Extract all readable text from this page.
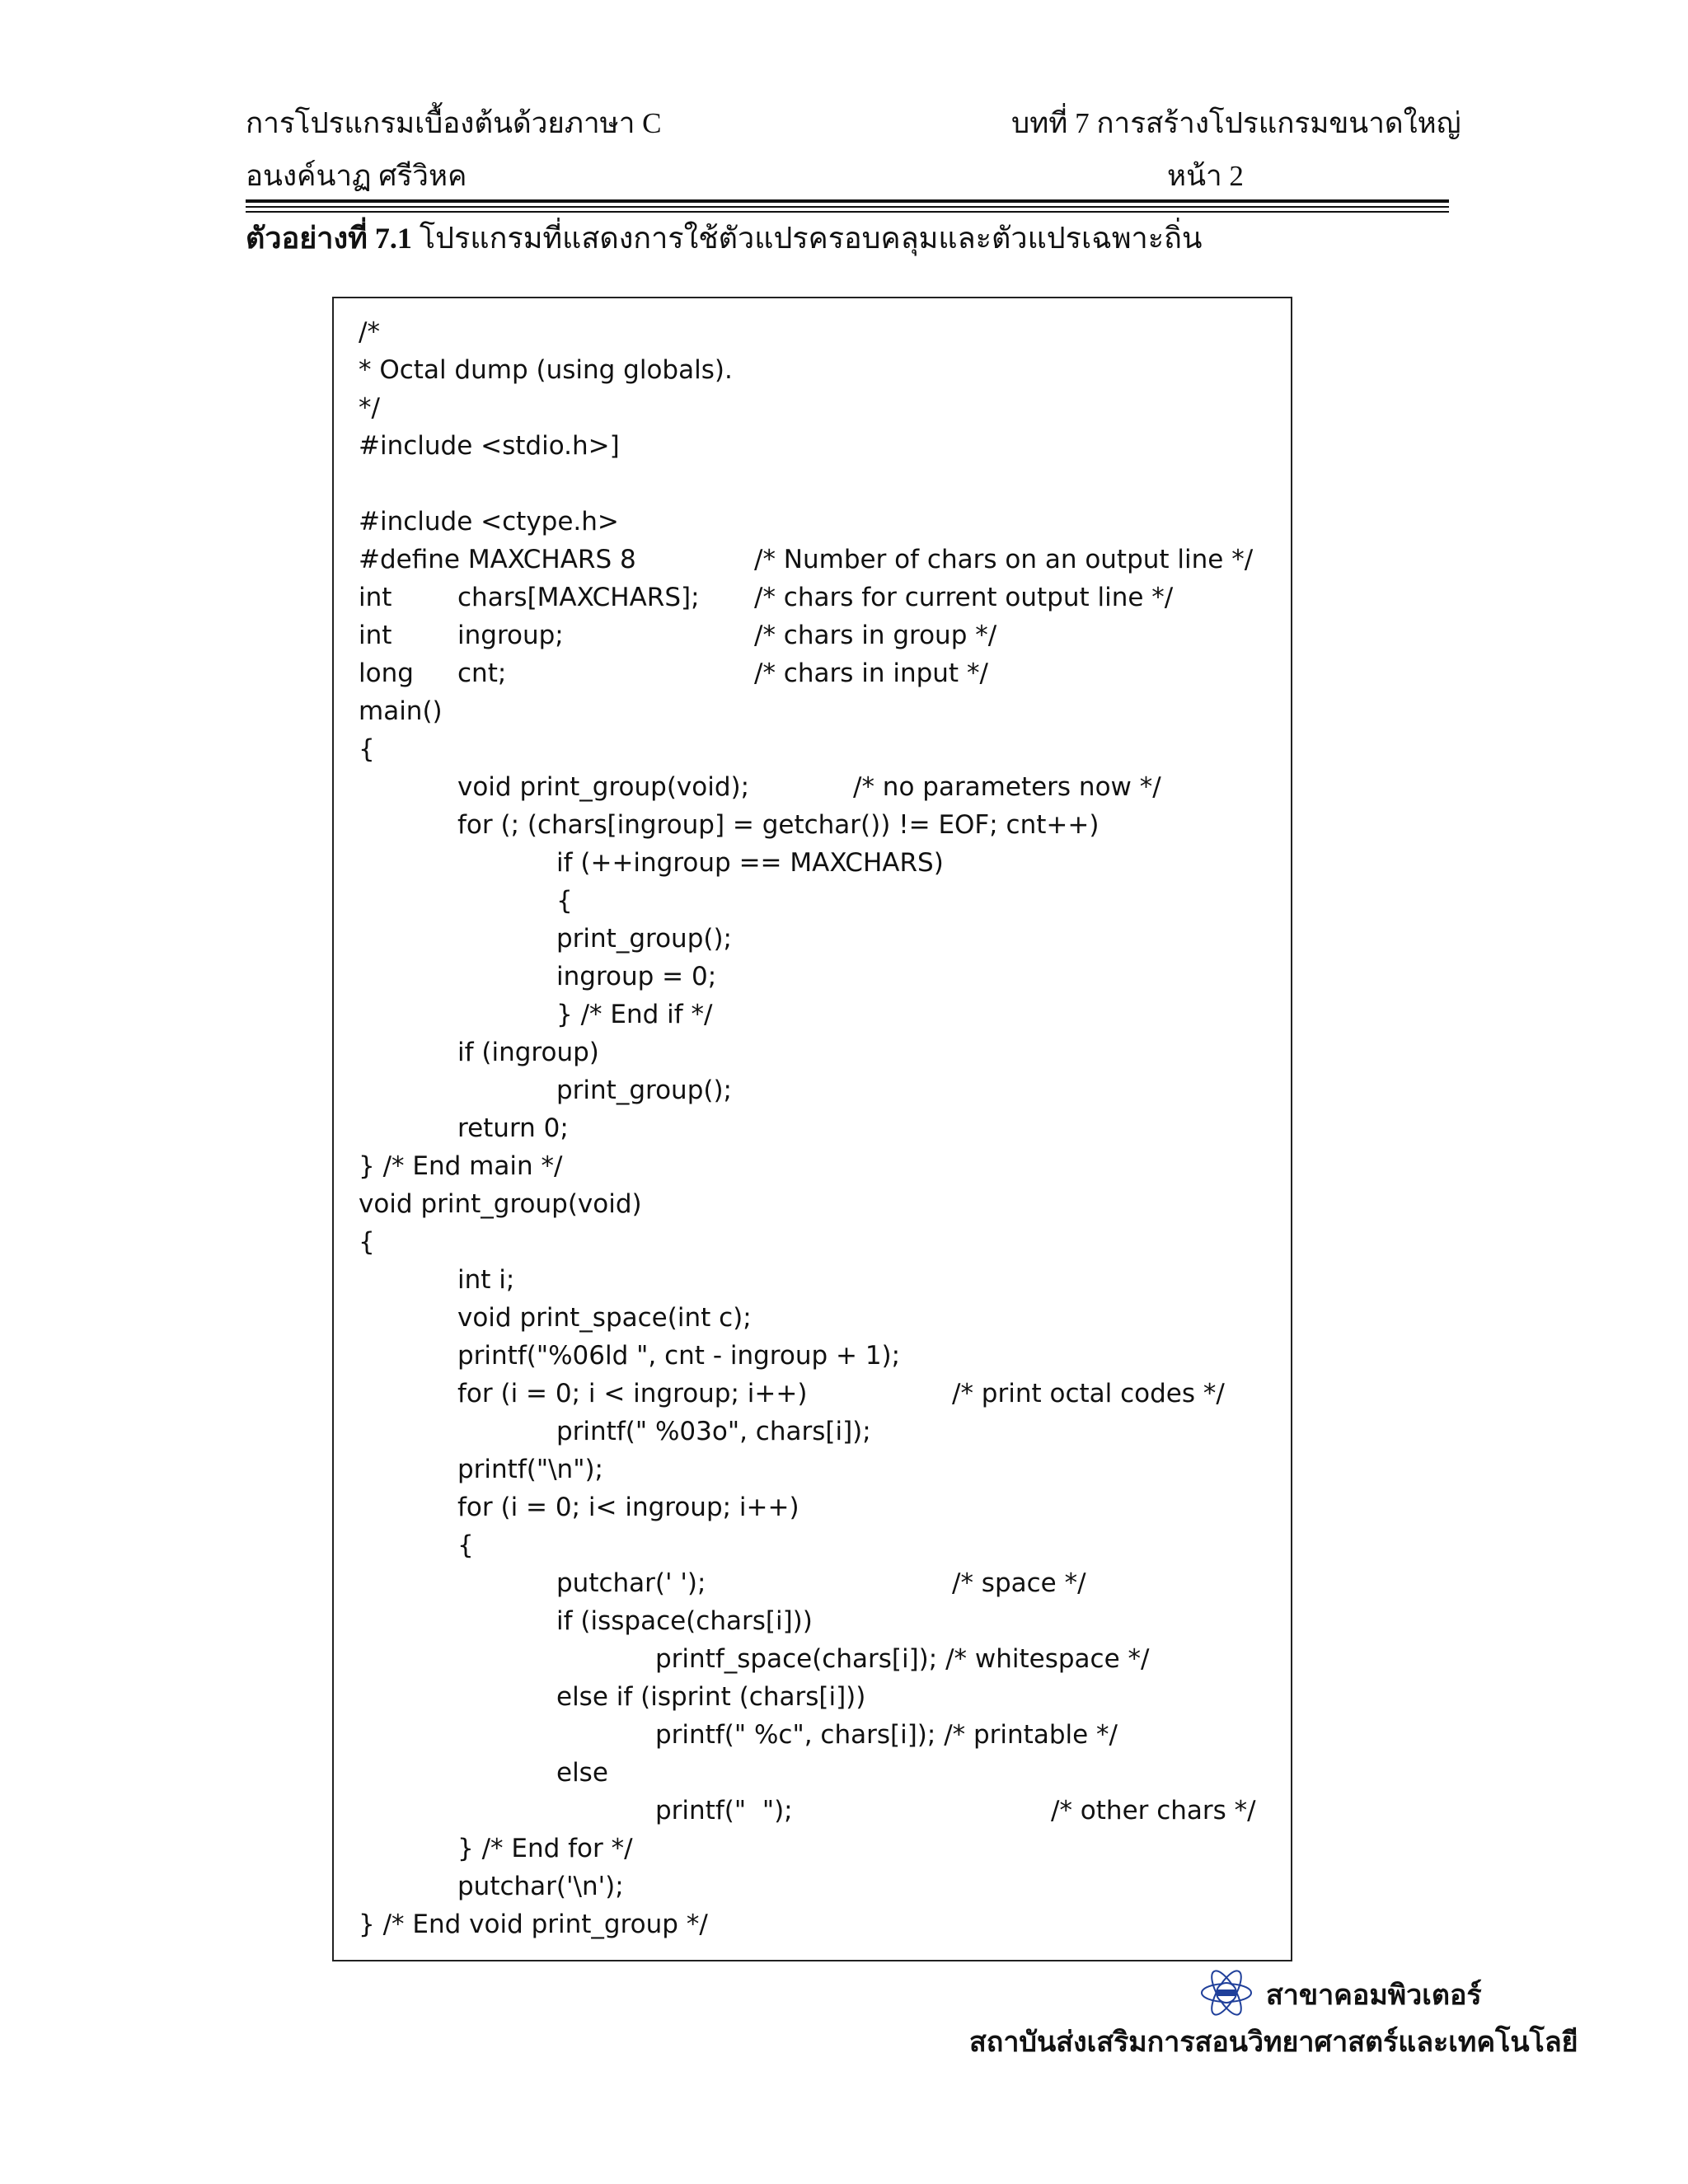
การโปรแกรมเบื้องต้นด้วยภาษา C	บทที่ 7 การสร้างโปรแกรมขนาดใหญ่
อนงค์นาฏ ศรีวิหค	หน้า 2
ตัวอย่างที่ 7.1 โปรแกรมที่แสดงการใช้ตัวแปรครอบคลุมและตัวแปรเฉพาะถิ่น
/*
* Octal dump (using globals).
*/
#include <stdio.h>]
#include <ctype.h>
#define MAXCHARS 8	/* Number of chars on an output line */
int	chars[MAXCHARS]; /* chars for current output line */
int	ingroup;	/* chars in group */
long cnt;	/* chars in input */
main()
{
void print_group(void);	/* no parameters now */
for (; (chars[ingroup] = getchar()) != EOF; cnt++)
if (++ingroup == MAXCHARS)
{
print_group();
ingroup = 0;
} /* End if */
if (ingroup)
print_group();
return 0;
} /* End main */
void print_group(void)
{
int i;
void print_space(int c);
printf("%06ld ", cnt - ingroup + 1);
for (i = 0; i < ingroup; i++)	/* print octal codes */
printf(" %03o", chars[i]);
printf("\n");
for (i = 0; i< ingroup; i++)
{
putchar(' ');	/* space */
if (isspace(chars[i]))
printf_space(chars[i]); /* whitespace */
else if (isprint (chars[i]))
printf(" %c", chars[i]); /* printable */
else
printf("  ");	/* other chars */
} /* End for */
putchar('\n');
} /* End void print_group */
สาขาคอมพิวเตอร์
สถาบันส่งเสริมการสอนวิทยาศาสตร์และเทคโนโลยี
